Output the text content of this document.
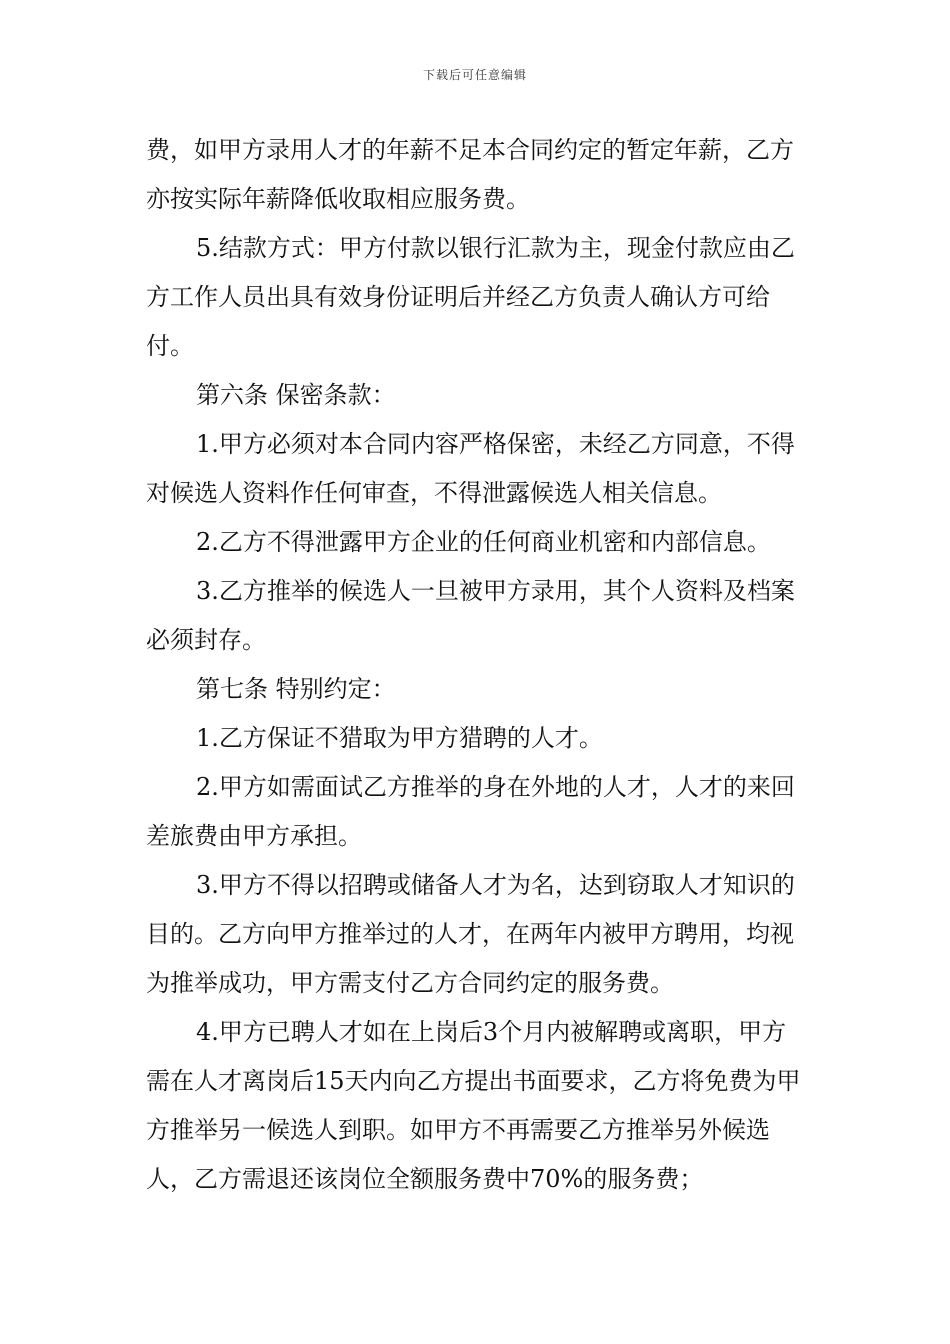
下载后可任意编辑

费，如甲方录用人才的年薪不足本合同约定的暂定年薪，乙方亦按实际年薪降低收取相应服务费。

5.结款方式：甲方付款以银行汇款为主，现金付款应由乙方工作人员出具有效身份证明后并经乙方负责人确认方可给付。

第六条 保密条款：

1.甲方必须对本合同内容严格保密，未经乙方同意，不得对候选人资料作任何审查，不得泄露候选人相关信息。

2.乙方不得泄露甲方企业的任何商业机密和内部信息。

3.乙方推举的候选人一旦被甲方录用，其个人资料及档案必须封存。

第七条 特别约定：

1.乙方保证不猎取为甲方猎聘的人才。

2.甲方如需面试乙方推举的身在外地的人才，人才的来回差旅费由甲方承担。

3.甲方不得以招聘或储备人才为名，达到窃取人才知识的目的。乙方向甲方推举过的人才，在两年内被甲方聘用，均视为推举成功，甲方需支付乙方合同约定的服务费。

4.甲方已聘人才如在上岗后3个月内被解聘或离职，甲方需在人才离岗后15天内向乙方提出书面要求，乙方将免费为甲方推举另一候选人到职。如甲方不再需要乙方推举另外候选人，乙方需退还该岗位全额服务费中70%的服务费；
